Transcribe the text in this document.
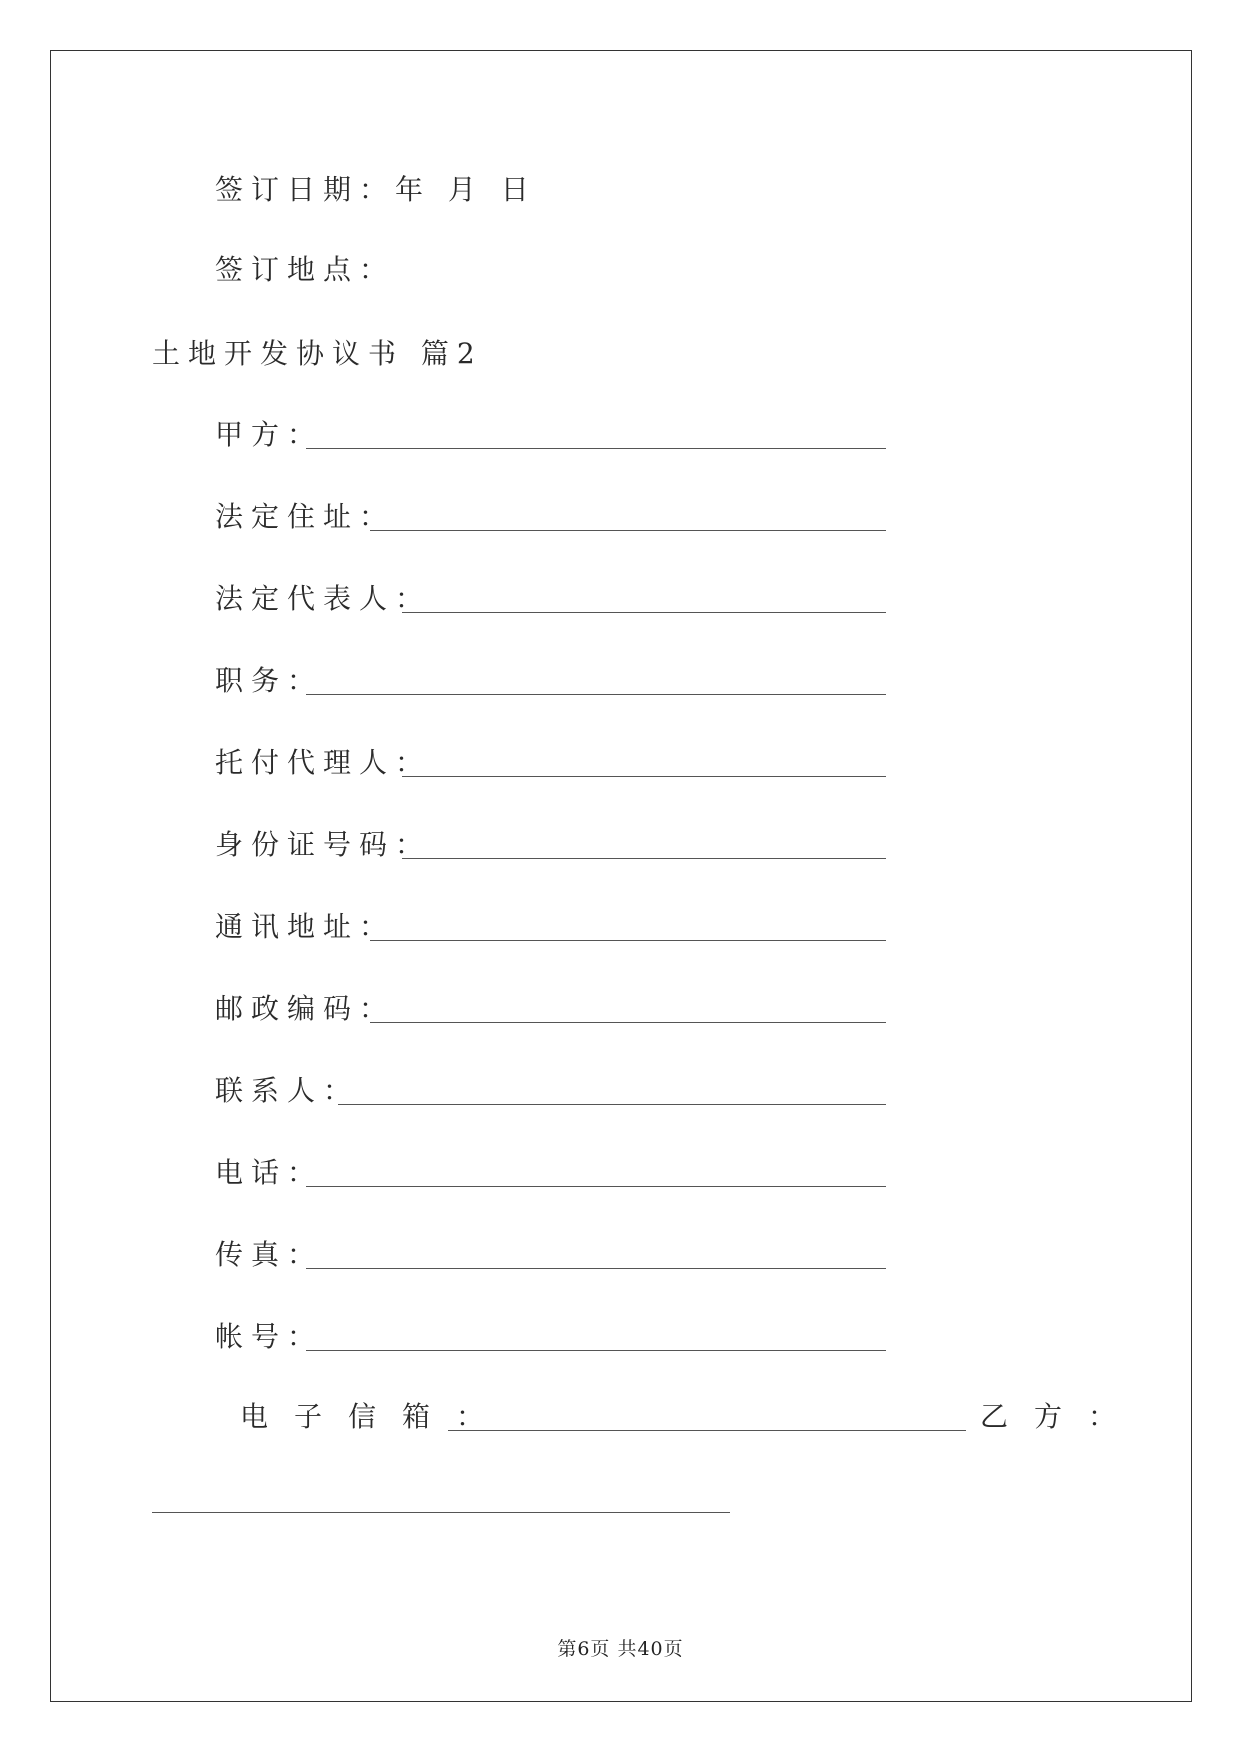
签订日期：年 月 日
签订地点：
土地开发协议书 篇2
甲方：
法定住址：
法定代表人：
职务：
托付代理人：
身份证号码：
通讯地址：
邮政编码：
联系人：
电话：
传真：
帐号：
电子信箱：	乙方：
第6页 共40页
